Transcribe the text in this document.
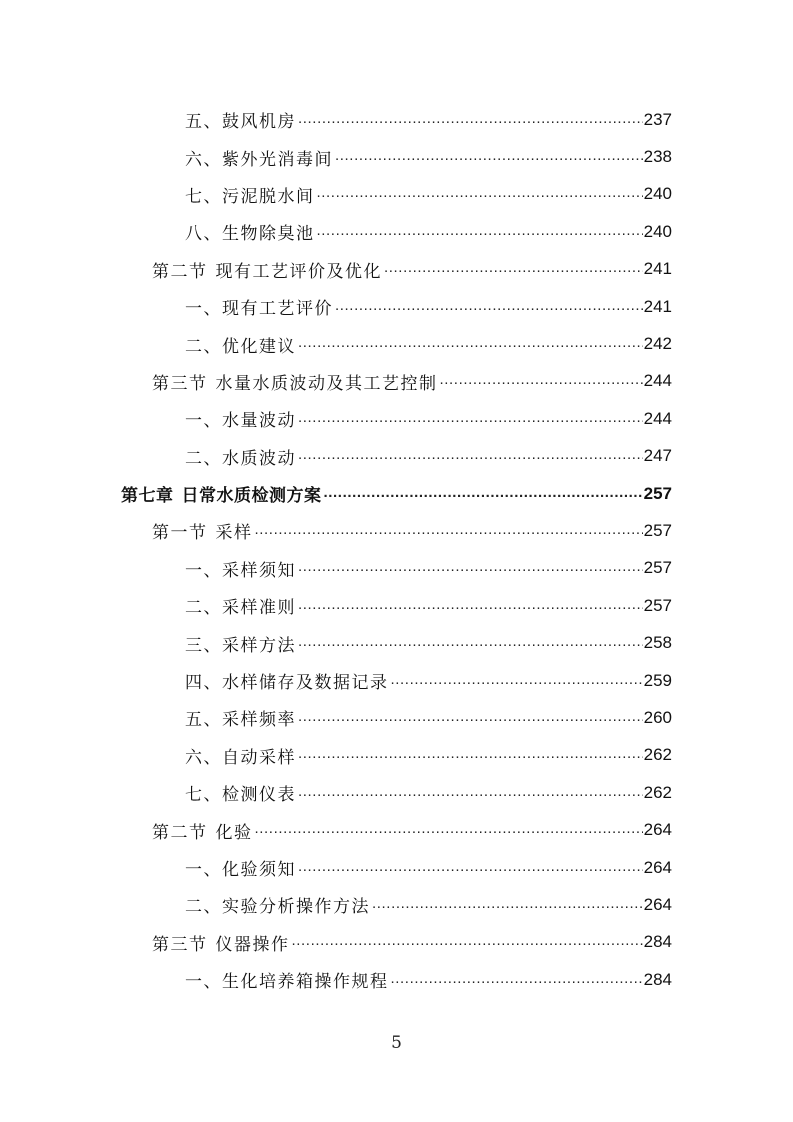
五、鼓风机房 .....	237
六、紫外光消毒间 .....	238
七、污泥脱水间 .....	240
八、生物除臭池 .....	240
第二节 现有工艺评价及优化 .....	241
一、现有工艺评价 .....	241
二、优化建议 .....	242
第三节 水量水质波动及其工艺控制 .....	244
一、水量波动 .....	244
二、水质波动 .....	247
第七章 日常水质检测方案 .....	257
第一节 采样 .....	257
一、采样须知 .....	257
二、采样准则 .....	257
三、采样方法 .....	258
四、水样储存及数据记录 .....	259
五、采样频率 .....	260
六、自动采样 .....	262
七、检测仪表 .....	262
第二节 化验 .....	264
一、化验须知 .....	264
二、实验分析操作方法 .....	264
第三节 仪器操作 .....	284
一、生化培养箱操作规程 .....	284
5
